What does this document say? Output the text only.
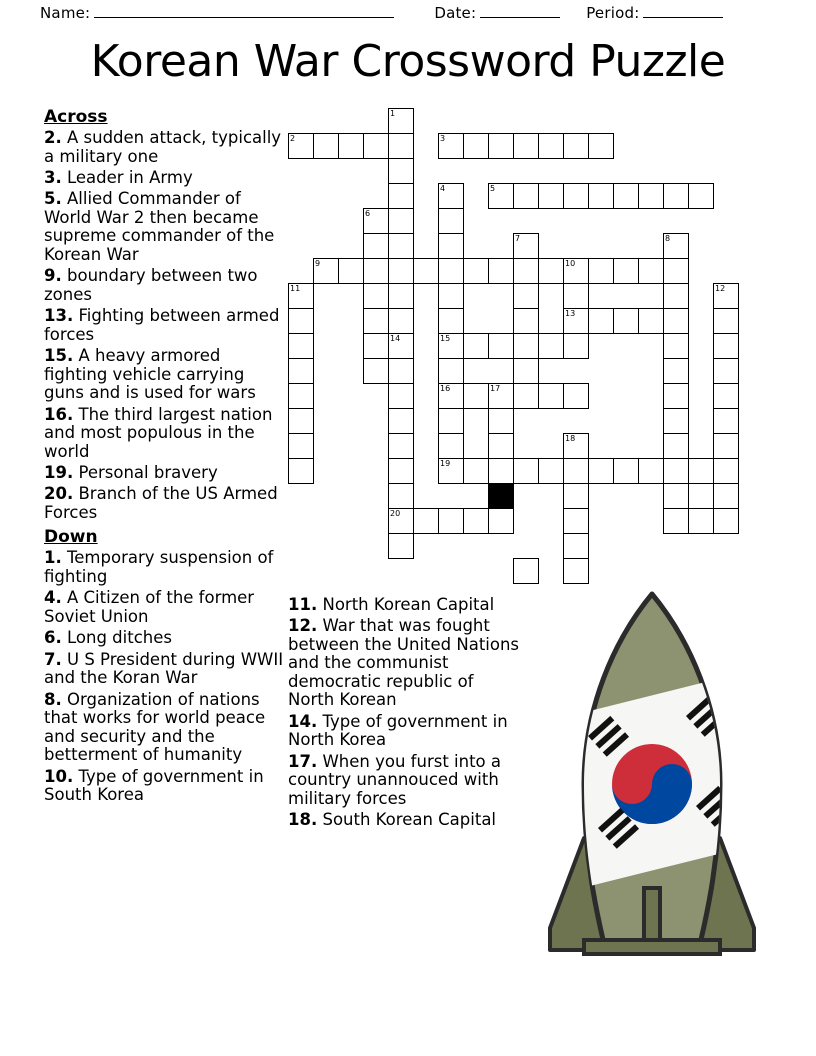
Name:	Date:	Period:
Korean War Crossword Puzzle
Across
2. A sudden attack, typically a military one
3. Leader in Army
5. Allied Commander of World War 2 then became supreme commander of the Korean War
9. boundary between two zones
13. Fighting between armed forces
15. A heavy armored fighting vehicle carrying guns and is used for wars
16. The third largest nation and most populous in the world
19. Personal bravery
20. Branch of the US Armed Forces
Down
1. Temporary suspension of fighting
4. A Citizen of the former Soviet Union
6. Long ditches
7. U S President during WWII and the Koran War
8. Organization of nations that works for world peace and security and the betterment of humanity
10. Type of government in South Korea
11. North Korean Capital
12. War that was fought between the United Nations and the communist democratic republic of North Korean
14. Type of government in North Korea
17. When you furst into a country unannouced with military forces
18. South Korean Capital
1
2	3
4	5
6
7	8
9	10
11	12
13
14	15
16	17
18
19
20
